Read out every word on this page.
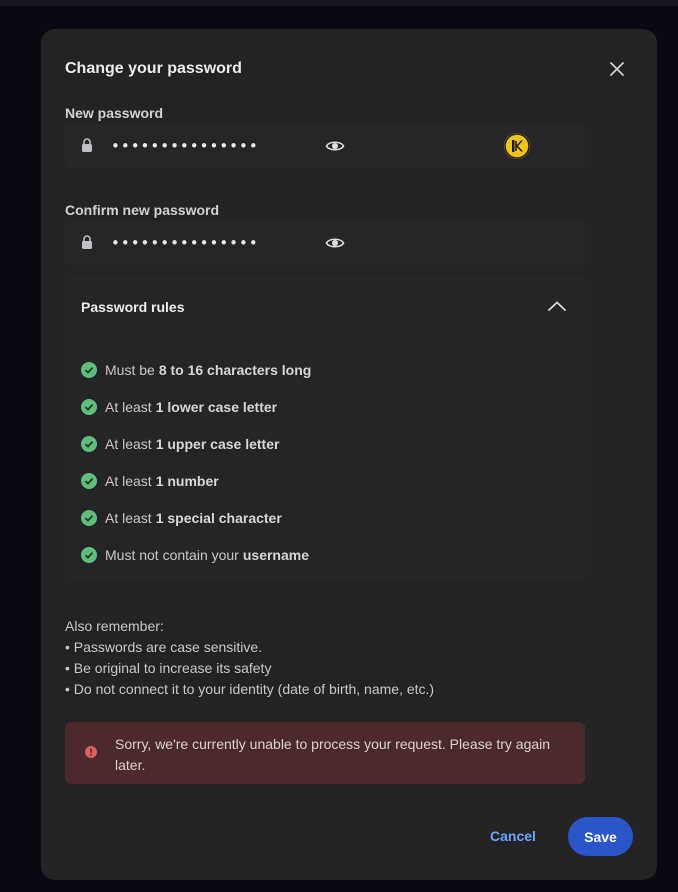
Change your password
New password
•••••••••••••••
Confirm new password
•••••••••••••••
Password rules
Must be 8 to 16 characters long
At least 1 lower case letter
At least 1 upper case letter
At least 1 number
At least 1 special character
Must not contain your username
Also remember:
• Passwords are case sensitive.
• Be original to increase its safety
• Do not connect it to your identity (date of birth, name, etc.)
Sorry, we're currently unable to process your request. Please try again later.
Cancel	Save
